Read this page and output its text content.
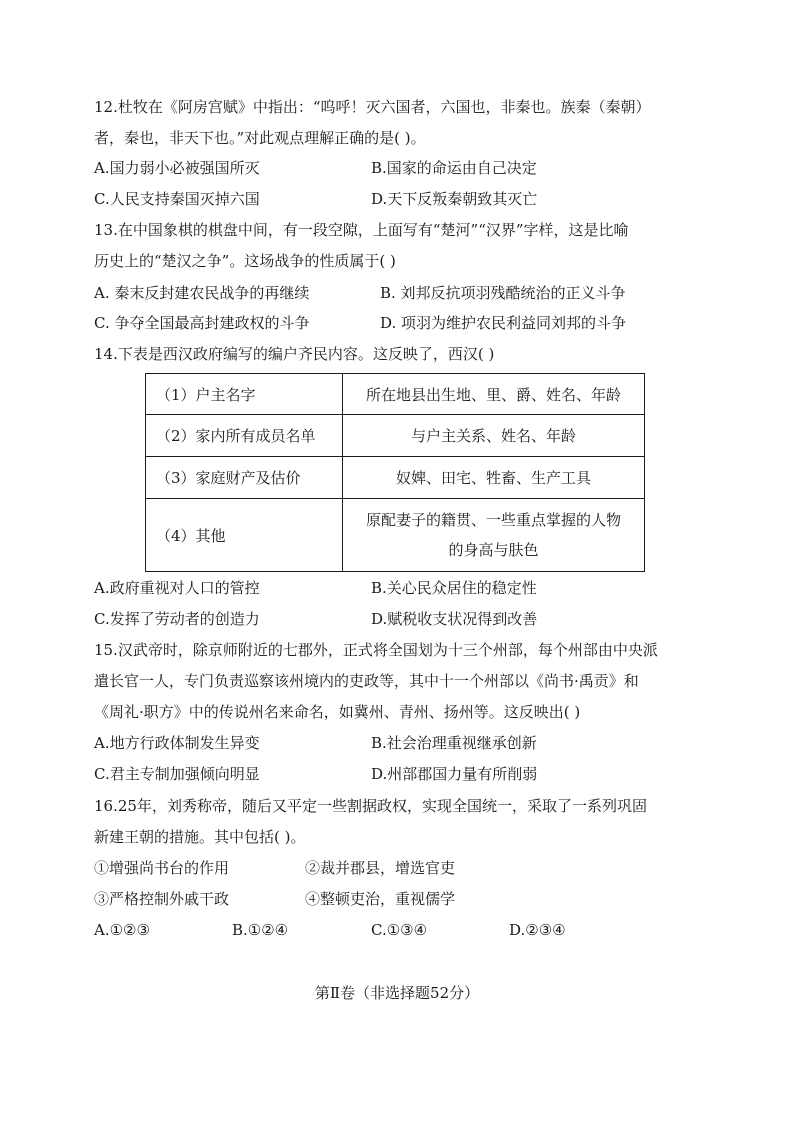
12.杜牧在《阿房宫赋》中指出：“呜呼！灭六国者，六国也，非秦也。族秦（秦朝）
者，秦也，非天下也。”对此观点理解正确的是( )。
A.国力弱小必被强国所灭	B.国家的命运由自己决定
C.人民支持秦国灭掉六国	D.天下反叛秦朝致其灭亡
13.在中国象棋的棋盘中间，有一段空隙，上面写有“楚河”“汉界”字样，这是比喻
历史上的“楚汉之争”。这场战争的性质属于( )
A. 秦末反封建农民战争的再继续	B. 刘邦反抗项羽残酷统治的正义斗争
C. 争夺全国最高封建政权的斗争	D. 项羽为维护农民利益同刘邦的斗争
14.下表是西汉政府编写的编户齐民内容。这反映了，西汉( )
（1）户主名字	所在地县出生地、里、爵、姓名、年龄
（2）家内所有成员名单	与户主关系、姓名、年龄
（3）家庭财产及估价	奴婢、田宅、牲畜、生产工具
（4）其他	原配妻子的籍贯、一些重点掌握的人物
的身高与肤色
A.政府重视对人口的管控	B.关心民众居住的稳定性
C.发挥了劳动者的创造力	D.赋税收支状况得到改善
15.汉武帝时，除京师附近的七郡外，正式将全国划为十三个州部，每个州部由中央派
遣长官一人，专门负责巡察该州境内的吏政等，其中十一个州部以《尚书·禹贡》和
《周礼·职方》中的传说州名来命名，如冀州、青州、扬州等。这反映出( )
A.地方行政体制发生异变	B.社会治理重视继承创新
C.君主专制加强倾向明显	D.州部郡国力量有所削弱
16.25年，刘秀称帝，随后又平定一些割据政权，实现全国统一，采取了一系列巩固
新建王朝的措施。其中包括( )。
①增强尚书台的作用	②裁并郡县，增选官吏
③严格控制外戚干政	④整顿吏治，重视儒学
A.①②③	B.①②④	C.①③④	D.②③④
第Ⅱ卷（非选择题52分）
